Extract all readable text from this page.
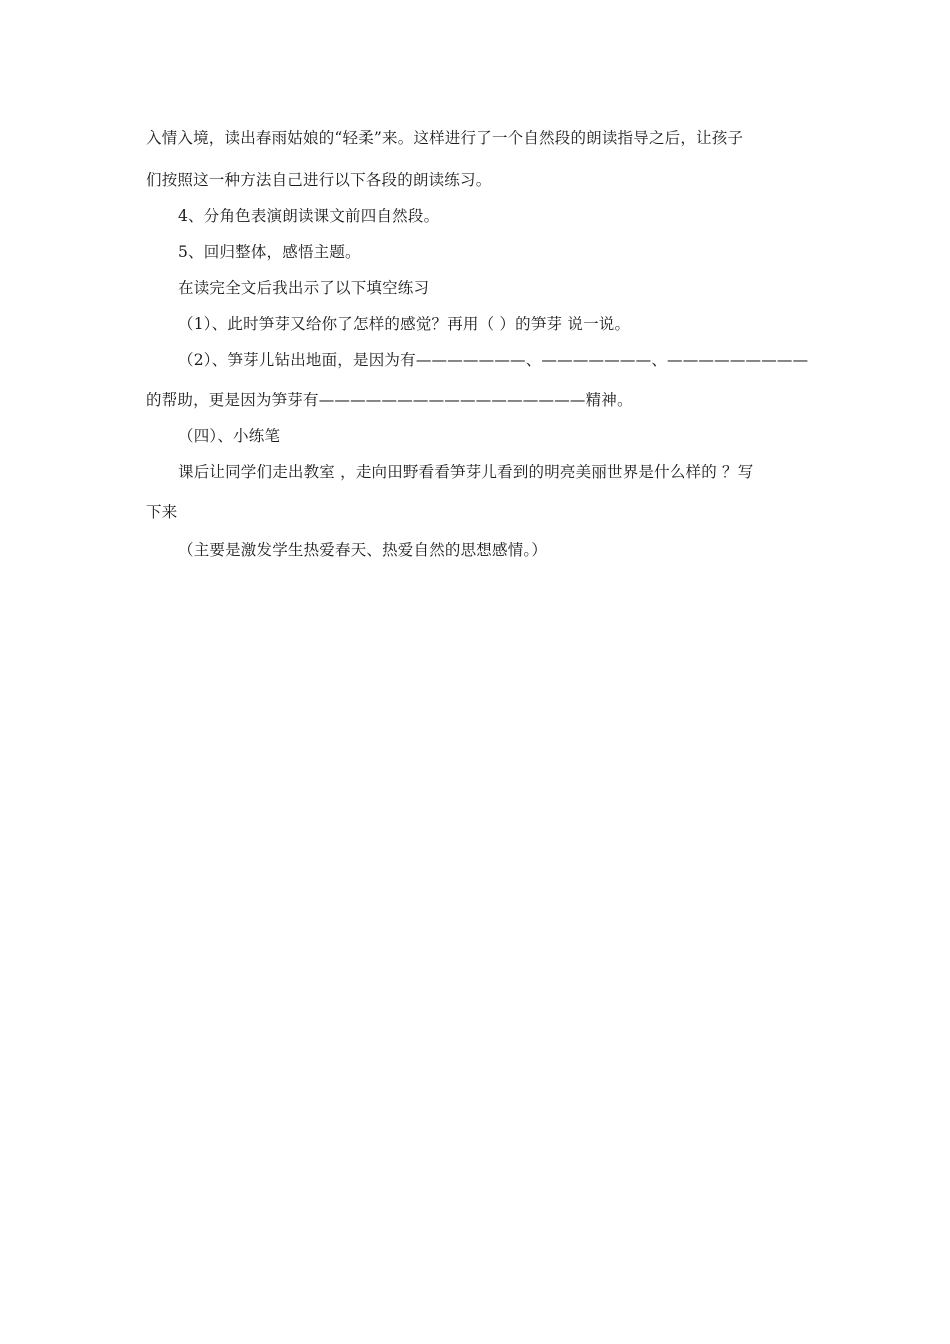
入情入境，读出春雨姑娘的“轻柔”来。这样进行了一个自然段的朗读指导之后，让孩子
们按照这一种方法自己进行以下各段的朗读练习。
4、分角色表演朗读课文前四自然段。
5、回归整体，感悟主题。
在读完全文后我出示了以下填空练习
（1）、此时笋芽又给你了怎样的感觉？再用（ ）的笋芽 说一说。
（2）、笋芽儿钻出地面，是因为有———————、———————、—————————
的帮助，更是因为笋芽有—————————————————精神。
（四）、小练笔
课后让同学们走出教室 ，走向田野看看笋芽儿看到的明亮美丽世界是什么样的 ？写
下来
（主要是激发学生热爱春天、热爱自然的思想感情。）
